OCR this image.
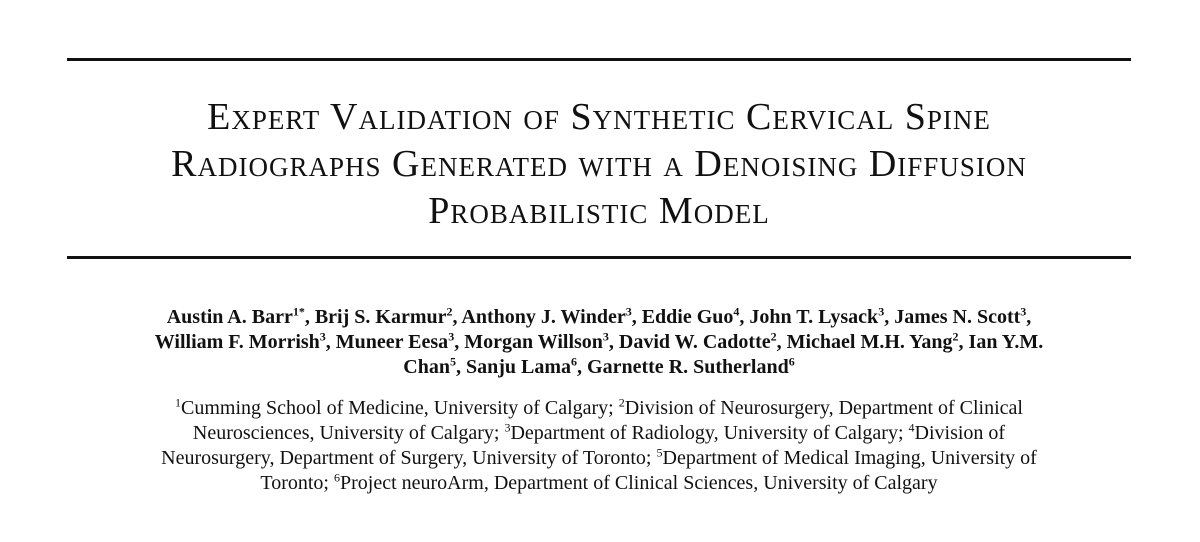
Expert Validation of Synthetic Cervical Spine
Radiographs Generated with a Denoising Diffusion
Probabilistic Model
Austin A. Barr$^{1*}$, Brij S. Karmur$^2$, Anthony J. Winder$^3$, Eddie Guo$^4$, John T. Lysack$^3$, James N. Scott$^3$,
William F. Morrish$^3$, Muneer Eesa$^3$, Morgan Willson$^3$, David W. Cadotte$^2$, Michael M.H. Yang$^2$, Ian Y.M.
Chan$^5$, Sanju Lama$^6$, Garnette R. Sutherland$^6$
$^1$Cumming School of Medicine, University of Calgary; $^2$Division of Neurosurgery, Department of Clinical
Neurosciences, University of Calgary; $^3$Department of Radiology, University of Calgary; $^4$Division of
Neurosurgery, Department of Surgery, University of Toronto; $^5$Department of Medical Imaging, University of
Toronto; $^6$Project neuroArm, Department of Clinical Sciences, University of Calgary
